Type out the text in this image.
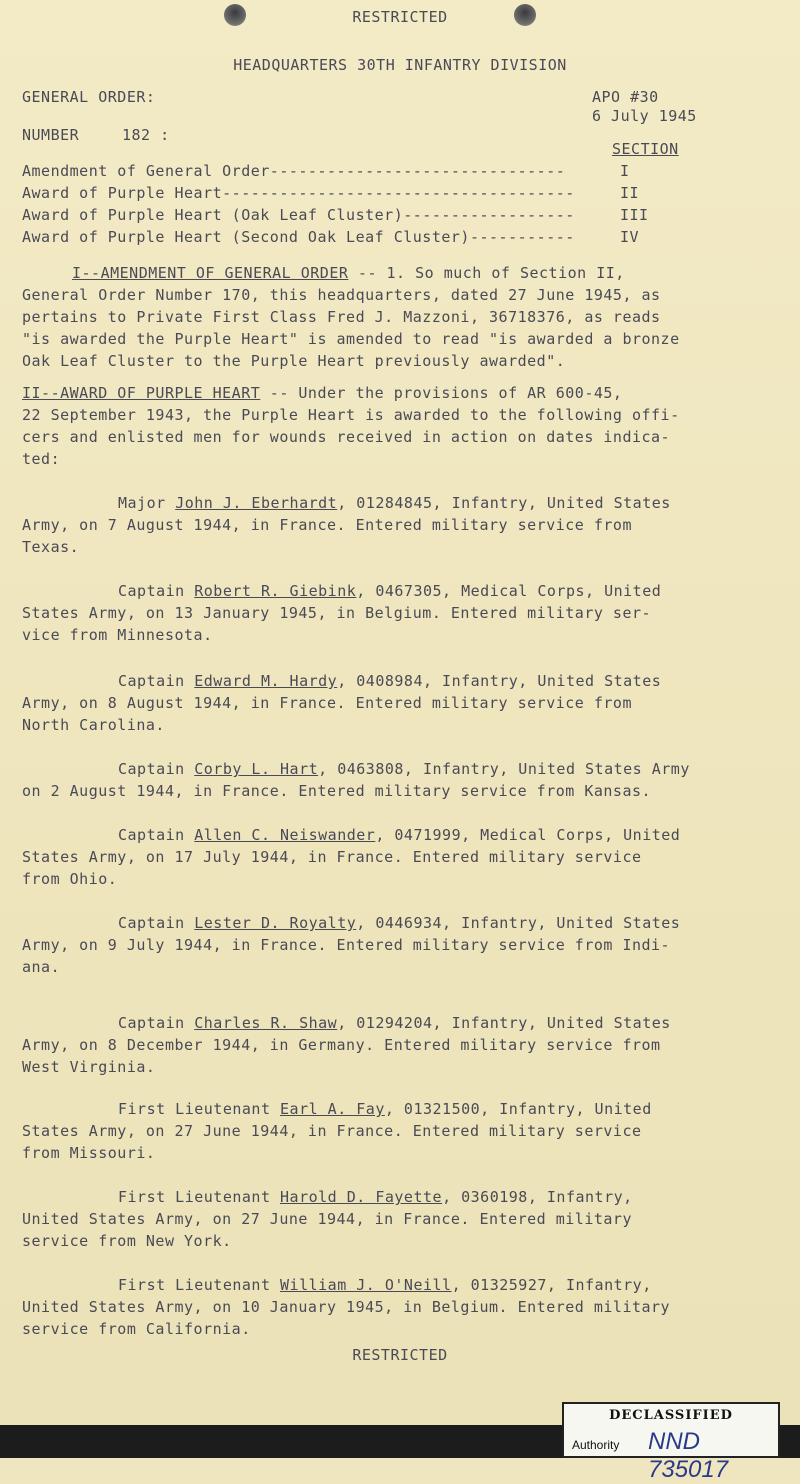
RESTRICTED
HEADQUARTERS 30TH INFANTRY DIVISION
GENERAL ORDER:	APO #30
6 July 1945
NUMBER	182 :
SECTION
Amendment of General Order-------------------------------	I
Award of Purple Heart-------------------------------------	II
Award of Purple Heart (Oak Leaf Cluster)------------------	III
Award of Purple Heart (Second Oak Leaf Cluster)-----------	IV
I--AMENDMENT OF GENERAL ORDER -- 1. So much of Section II,
General Order Number 170, this headquarters, dated 27 June 1945, as
pertains to Private First Class Fred J. Mazzoni, 36718376, as reads
"is awarded the Purple Heart" is amended to read "is awarded a bronze
Oak Leaf Cluster to the Purple Heart previously awarded".
II--AWARD OF PURPLE HEART -- Under the provisions of AR 600-45,
22 September 1943, the Purple Heart is awarded to the following offi-
cers and enlisted men for wounds received in action on dates indica-
ted:
Major John J. Eberhardt, 01284845, Infantry, United States
Army, on 7 August 1944, in France. Entered military service from
Texas.
Captain Robert R. Giebink, 0467305, Medical Corps, United
States Army, on 13 January 1945, in Belgium. Entered military ser-
vice from Minnesota.
Captain Edward M. Hardy, 0408984, Infantry, United States
Army, on 8 August 1944, in France. Entered military service from
North Carolina.
Captain Corby L. Hart, 0463808, Infantry, United States Army
on 2 August 1944, in France. Entered military service from Kansas.
Captain Allen C. Neiswander, 0471999, Medical Corps, United
States Army, on 17 July 1944, in France. Entered military service
from Ohio.
Captain Lester D. Royalty, 0446934, Infantry, United States
Army, on 9 July 1944, in France. Entered military service from Indi-
ana.
Captain Charles R. Shaw, 01294204, Infantry, United States
Army, on 8 December 1944, in Germany. Entered military service from
West Virginia.
First Lieutenant Earl A. Fay, 01321500, Infantry, United
States Army, on 27 June 1944, in France. Entered military service
from Missouri.
First Lieutenant Harold D. Fayette, 0360198, Infantry,
United States Army, on 27 June 1944, in France. Entered military
service from New York.
First Lieutenant William J. O'Neill, 01325927, Infantry,
United States Army, on 10 January 1945, in Belgium. Entered military
service from California.
RESTRICTED
DECLASSIFIED
Authority NND 735017
